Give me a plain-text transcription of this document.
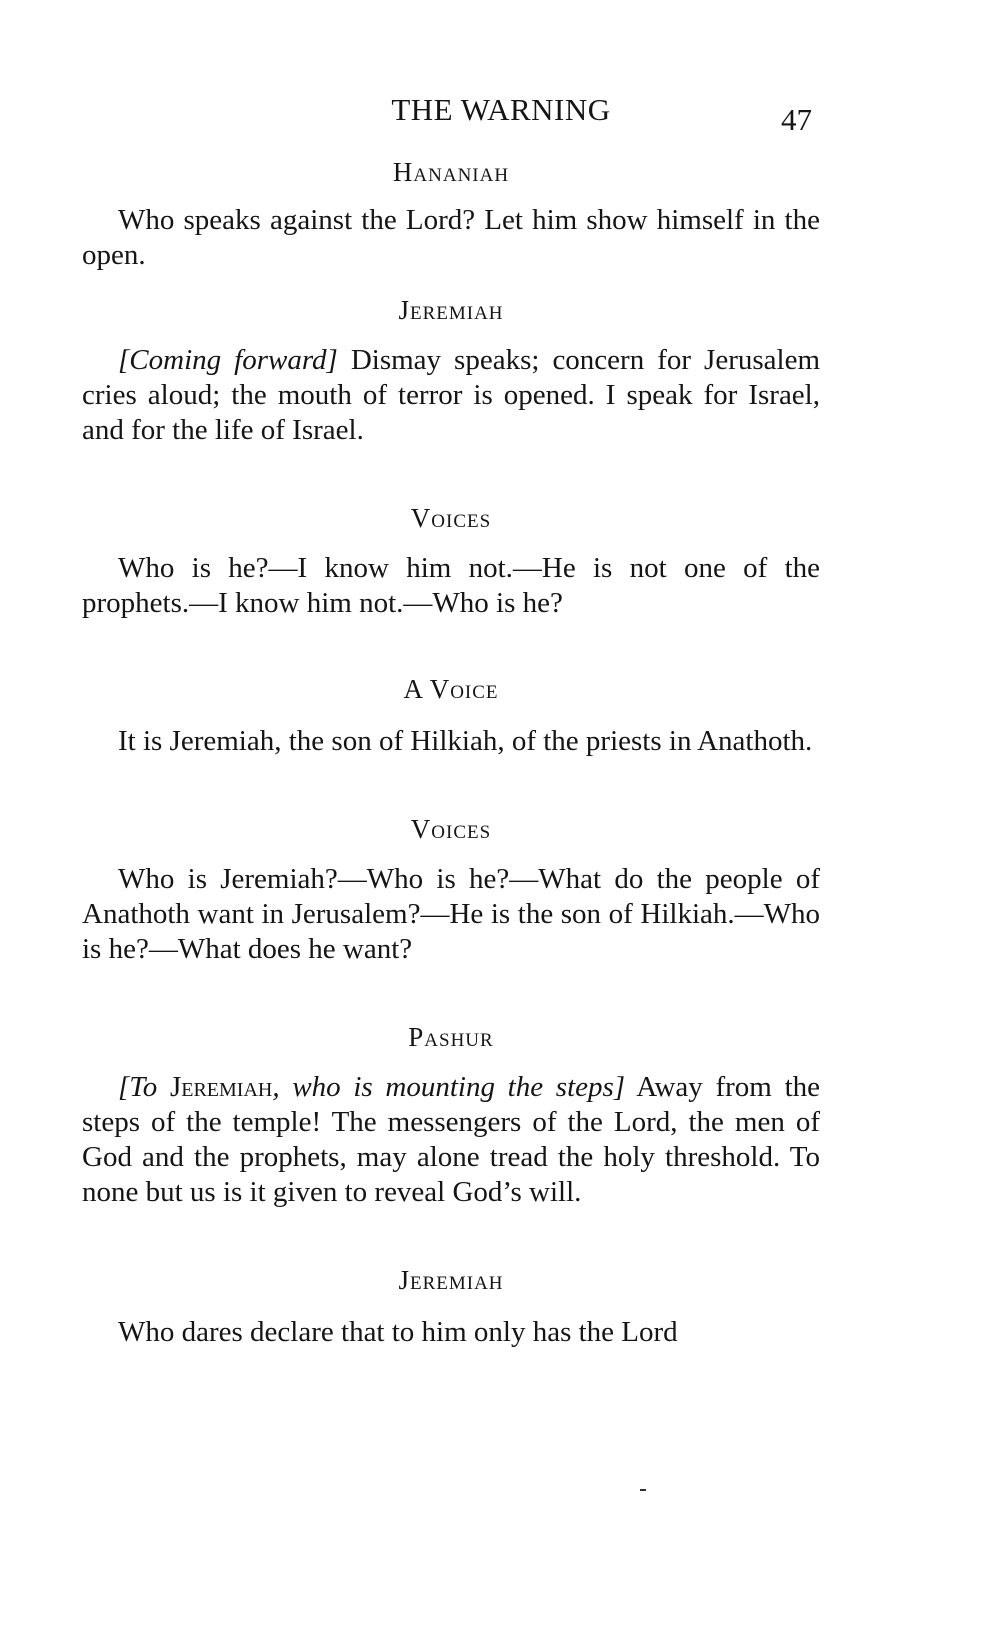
THE WARNING	47

Hananiah

Who speaks against the Lord? Let him show himself in the open.

Jeremiah

[Coming forward] Dismay speaks; concern for Jerusalem cries aloud; the mouth of terror is opened. I speak for Israel, and for the life of Israel.

Voices

Who is he?—I know him not.—He is not one of the prophets.—I know him not.—Who is he?

A Voice

It is Jeremiah, the son of Hilkiah, of the priests in Anathoth.

Voices

Who is Jeremiah?—Who is he?—What do the people of Anathoth want in Jerusalem?—He is the son of Hilkiah.—Who is he?—What does he want?

Pashur

[To Jeremiah, who is mounting the steps] Away from the steps of the temple! The messengers of the Lord, the men of God and the prophets, may alone tread the holy threshold. To none but us is it given to reveal God’s will.

Jeremiah

Who dares declare that to him only has the Lord
